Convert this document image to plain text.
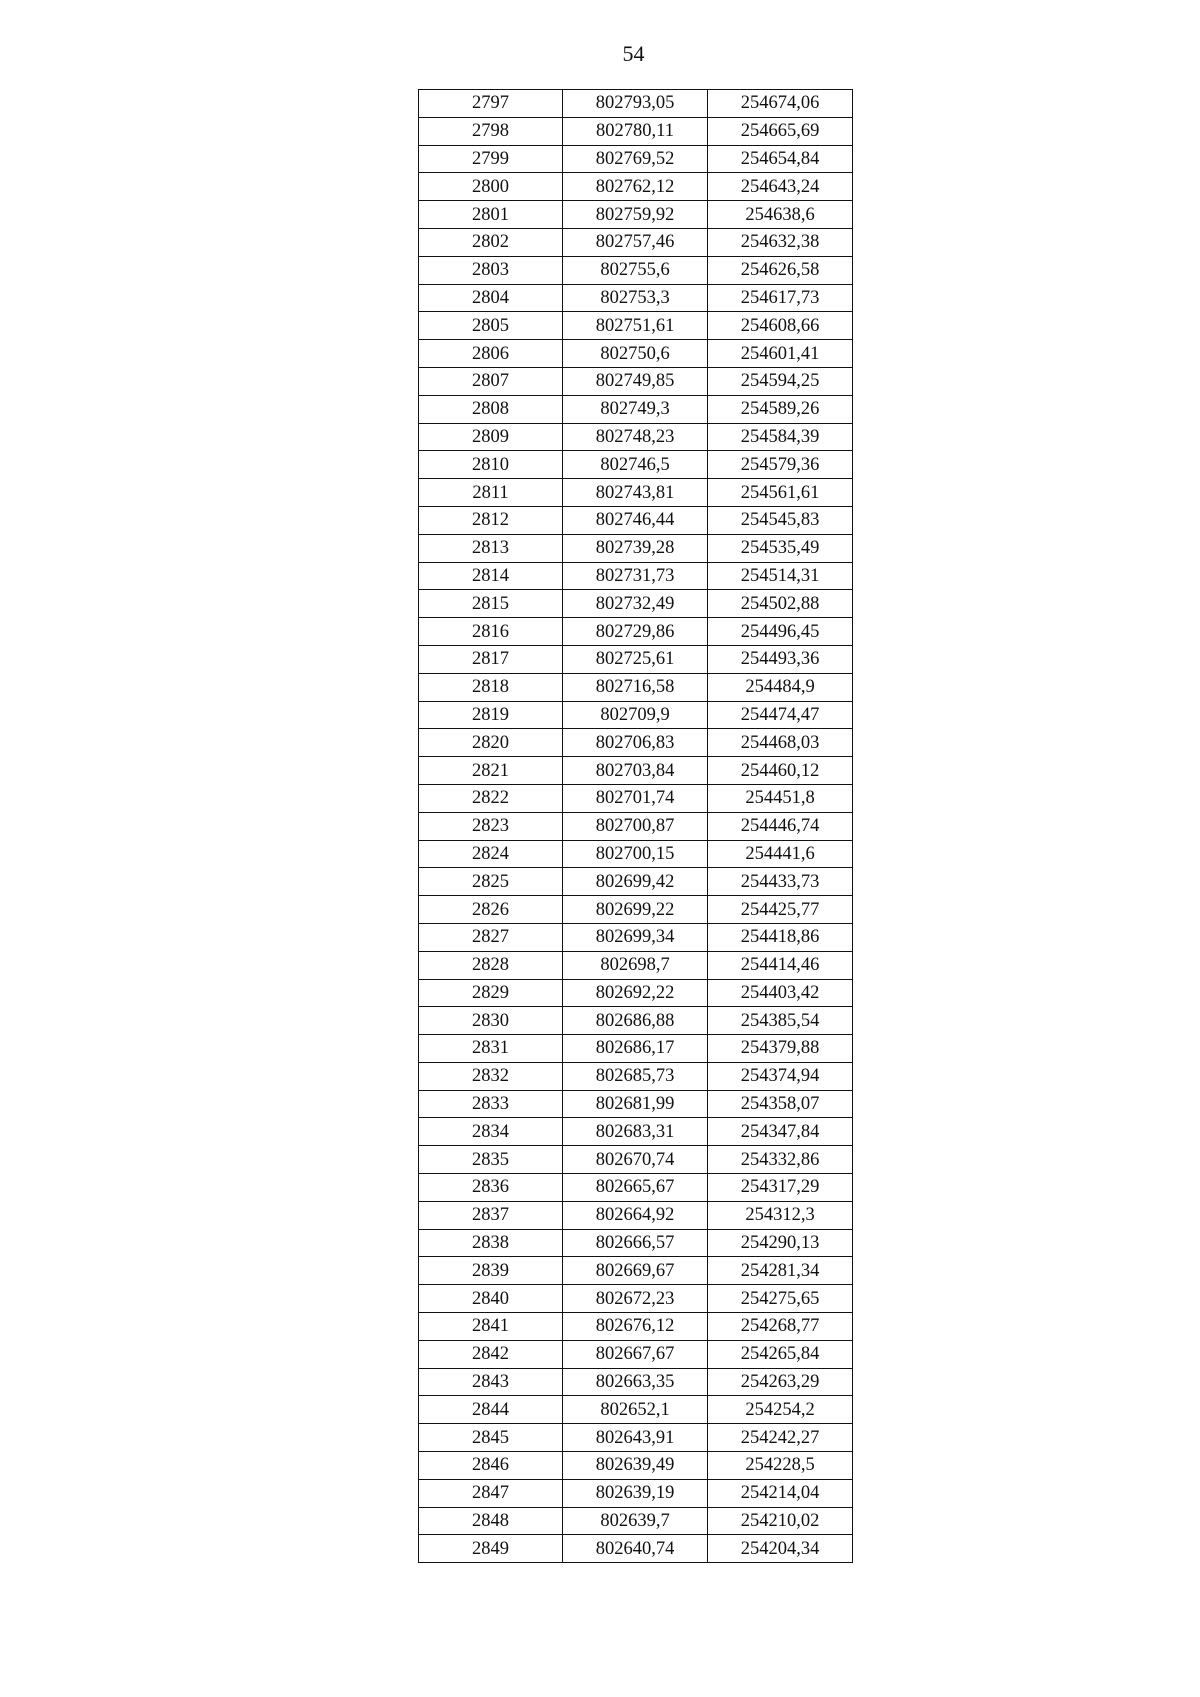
54
2797	802793,05	254674,06
2798	802780,11	254665,69
2799	802769,52	254654,84
2800	802762,12	254643,24
2801	802759,92	254638,6
2802	802757,46	254632,38
2803	802755,6	254626,58
2804	802753,3	254617,73
2805	802751,61	254608,66
2806	802750,6	254601,41
2807	802749,85	254594,25
2808	802749,3	254589,26
2809	802748,23	254584,39
2810	802746,5	254579,36
2811	802743,81	254561,61
2812	802746,44	254545,83
2813	802739,28	254535,49
2814	802731,73	254514,31
2815	802732,49	254502,88
2816	802729,86	254496,45
2817	802725,61	254493,36
2818	802716,58	254484,9
2819	802709,9	254474,47
2820	802706,83	254468,03
2821	802703,84	254460,12
2822	802701,74	254451,8
2823	802700,87	254446,74
2824	802700,15	254441,6
2825	802699,42	254433,73
2826	802699,22	254425,77
2827	802699,34	254418,86
2828	802698,7	254414,46
2829	802692,22	254403,42
2830	802686,88	254385,54
2831	802686,17	254379,88
2832	802685,73	254374,94
2833	802681,99	254358,07
2834	802683,31	254347,84
2835	802670,74	254332,86
2836	802665,67	254317,29
2837	802664,92	254312,3
2838	802666,57	254290,13
2839	802669,67	254281,34
2840	802672,23	254275,65
2841	802676,12	254268,77
2842	802667,67	254265,84
2843	802663,35	254263,29
2844	802652,1	254254,2
2845	802643,91	254242,27
2846	802639,49	254228,5
2847	802639,19	254214,04
2848	802639,7	254210,02
2849	802640,74	254204,34
